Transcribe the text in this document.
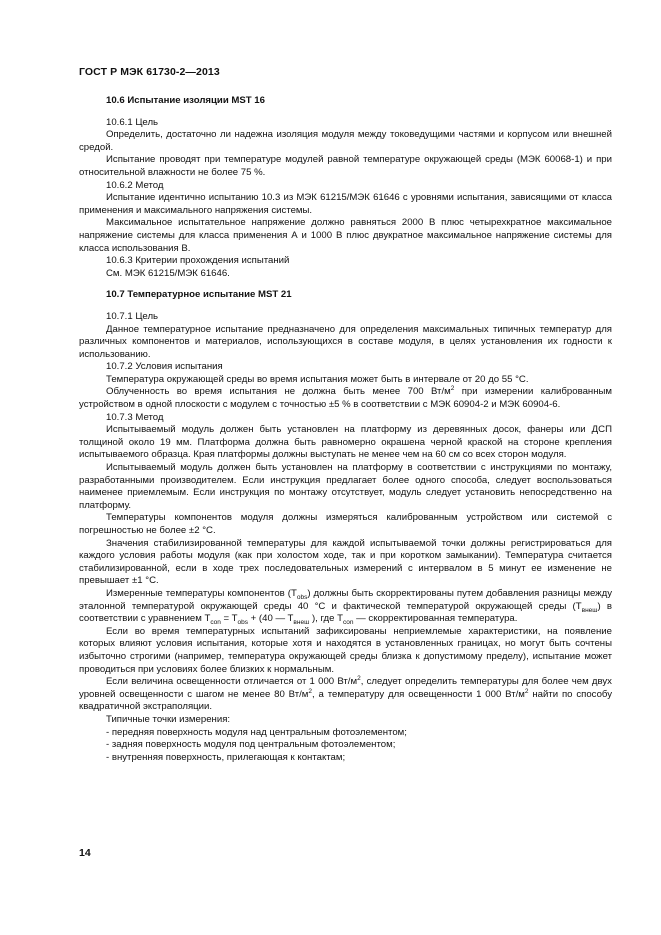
ГОСТ Р МЭК 61730-2—2013

10.6 Испытание изоляции MST 16

10.6.1 Цель

Определить, достаточно ли надежна изоляция модуля между токоведущими частями и корпусом или внешней средой.

Испытание проводят при температуре модулей равной температуре окружающей среды (МЭК 60068-1) и при относительной влажности не более 75 %.

10.6.2 Метод

Испытание идентично испытанию 10.3 из МЭК 61215/МЭК 61646 с уровнями испытания, зависящими от класса применения и максимального напряжения системы.

Максимальное испытательное напряжение должно равняться 2000 В плюс четырехкратное максимальное напряжение системы для класса применения А и 1000 В плюс двукратное максимальное напряжение системы для класса использования В.

10.6.3 Критерии прохождения испытаний

См. МЭК 61215/МЭК 61646.

10.7 Температурное испытание MST 21

10.7.1 Цель

Данное температурное испытание предназначено для определения максимальных типичных температур для различных компонентов и материалов, использующихся в составе модуля, в целях установления их годности к использованию.

10.7.2 Условия испытания

Температура окружающей среды во время испытания может быть в интервале от 20 до 55 °С.

Облученность во время испытания не должна быть менее 700 $Вт/м^2$ при измерении калиброванным устройством в одной плоскости с модулем с точностью ±5 % в соответствии с МЭК 60904-2 и МЭК 60904-6.

10.7.3 Метод

Испытываемый модуль должен быть установлен на платформу из деревянных досок, фанеры или ДСП толщиной около 19 мм. Платформа должна быть равномерно окрашена черной краской на стороне крепления испытываемого образца. Края платформы должны выступать не менее чем на 60 см со всех сторон модуля.

Испытываемый модуль должен быть установлен на платформу в соответствии с инструкциями по монтажу, разработанными производителем. Если инструкция предлагает более одного способа, следует воспользоваться наименее приемлемым. Если инструкция по монтажу отсутствует, модуль следует установить непосредственно на платформу.

Температуры компонентов модуля должны измеряться калиброванным устройством или системой с погрешностью не более ±2 °С.

Значения стабилизированной температуры для каждой испытываемой точки должны регистрироваться для каждого условия работы модуля (как при холостом ходе, так и при коротком замыкании). Температура считается стабилизированной, если в ходе трех последовательных измерений с интервалом в 5 минут ее изменение не превышает ±1 °С.

Измеренные температуры компонентов $(T_{obs})$ должны быть скорректированы путем добавления разницы между эталонной температурой окружающей среды 40 °С и фактической температурой окружающей среды $(T_{внеш})$ в соответствии с уравнением $T_{con} = T_{obs} + (40$ — $T_{внеш}$ ), где $T_{con}$ — скорректированная температура.

Если во время температурных испытаний зафиксированы неприемлемые характеристики, на появление которых влияют условия испытания, которые хотя и находятся в установленных границах, но могут быть сочтены избыточно строгими (например, температура окружающей среды близка к допустимому пределу), испытание может проводиться при условиях более близких к нормальным.

Если величина освещенности отличается от 1 000 $Вт/м^2$, следует определить температуры для более чем двух уровней освещенности с шагом не менее 80 $Вт/м^2$, а температуру для освещенности 1 000 $Вт/м^2$ найти по способу квадратичной экстраполяции.

Типичные точки измерения:

- передняя поверхность модуля над центральным фотоэлементом;

- задняя поверхность модуля под центральным фотоэлементом;

- внутренняя поверхность, прилегающая к контактам;

14
